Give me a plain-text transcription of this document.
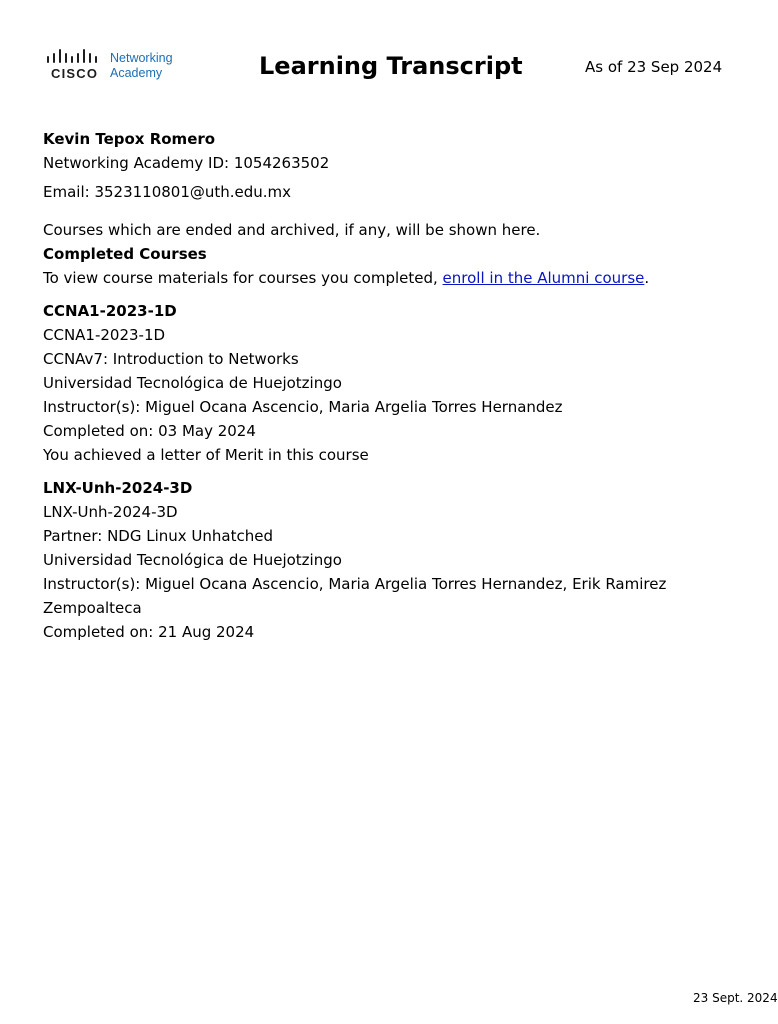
CISCO
Networking
Academy	Learning Transcript	As of 23 Sep 2024

Kevin Tepox Romero

Networking Academy ID: 1054263502

Email: 3523110801@uth.edu.mx

Courses which are ended and archived, if any, will be shown here.

Completed Courses

To view course materials for courses you completed, enroll in the Alumni course.

CCNA1-2023-1D

CCNA1-2023-1D

CCNAv7: Introduction to Networks

Universidad Tecnológica de Huejotzingo

Instructor(s): Miguel Ocana Ascencio, Maria Argelia Torres Hernandez

Completed on: 03 May 2024

You achieved a letter of Merit in this course

LNX-Unh-2024-3D

LNX-Unh-2024-3D

Partner: NDG Linux Unhatched

Universidad Tecnológica de Huejotzingo

Instructor(s): Miguel Ocana Ascencio, Maria Argelia Torres Hernandez, Erik Ramirez Zempoalteca

Completed on: 21 Aug 2024

23 Sept. 2024
